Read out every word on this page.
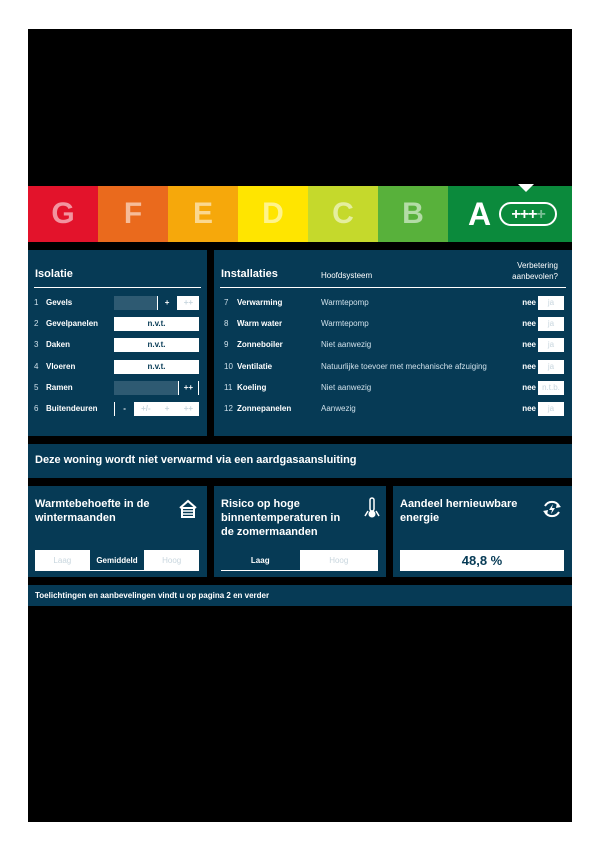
G F E D C B A	++++
Isolatie
1 Gevels	+	++
2 Gevelpanelen	n.v.t.
3 Daken	n.v.t.
4 Vloeren	n.v.t.
5 Ramen	++
6 Buitendeuren	-	+/-	+	++
Installaties	Hoofdsysteem
Verbetering aanbevolen?
7 Verwarming	Warmtepomp	nee	ja
8 Warm water	Warmtepomp	nee	ja
9 Zonneboiler	Niet aanwezig	nee	ja
10 Ventilatie	Natuurlijke toevoer met mechanische afzuiging	nee	ja
11 Koeling	Niet aanwezig	nee n.t.b.
12 Zonnepanelen	Aanwezig	nee	ja
Deze woning wordt niet verwarmd via een aardgasaansluiting
Warmtebehoefte in de wintermaanden
Laag	Gemiddeld	Hoog
Risico op hoge binnentemperaturen in de zomermaanden
Laag	Hoog
Aandeel hernieuwbare energie
48,8 %
Toelichtingen en aanbevelingen vindt u op pagina 2 en verder
